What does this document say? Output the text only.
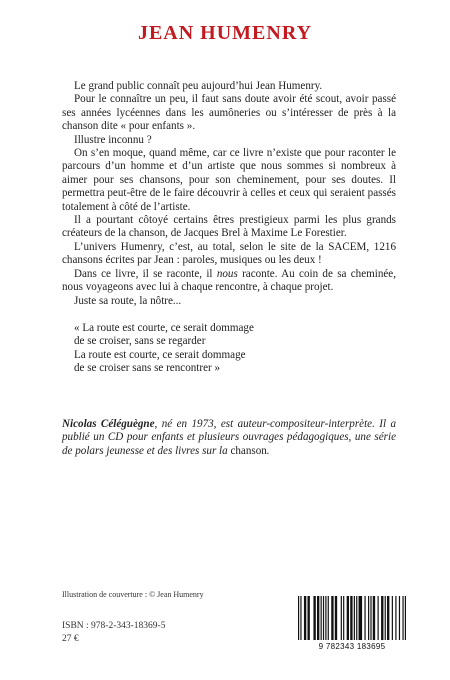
JEAN HUMENRY

Le grand public connaît peu aujourd’hui Jean Humenry.

Pour le connaître un peu, il faut sans doute avoir été scout, avoir passé ses années lycéennes dans les aumôneries ou s’intéresser de près à la chanson dite « pour enfants ».

Illustre inconnu ?

On s’en moque, quand même, car ce livre n’existe que pour raconter le parcours d’un homme et d’un artiste que nous sommes si nombreux à aimer pour ses chansons, pour son cheminement, pour ses doutes. Il permettra peut-être de le faire découvrir à celles et ceux qui seraient passés totalement à côté de l’artiste.

Il a pourtant côtoyé certains êtres prestigieux parmi les plus grands créateurs de la chanson, de Jacques Brel à Maxime Le Forestier.

L’univers Humenry, c’est, au total, selon le site de la SACEM, 1216 chansons écrites par Jean : paroles, musiques ou les deux !

Dans ce livre, il se raconte, il nous raconte. Au coin de sa cheminée, nous voyageons avec lui à chaque rencontre, à chaque projet.

Juste sa route, la nôtre...

« La route est courte, ce serait dommage
de se croiser, sans se regarder
La route est courte, ce serait dommage
de se croiser sans se rencontrer »
Nicolas Céléguègne, né en 1973, est auteur-compositeur-interprète. Il a publié un CD pour enfants et plusieurs ouvrages pédagogiques, une série de polars jeunesse et des livres sur la chanson.
Illustration de couverture : © Jean Humenry
ISBN : 978-2-343-18369-5
27 €
9 782343 183695
